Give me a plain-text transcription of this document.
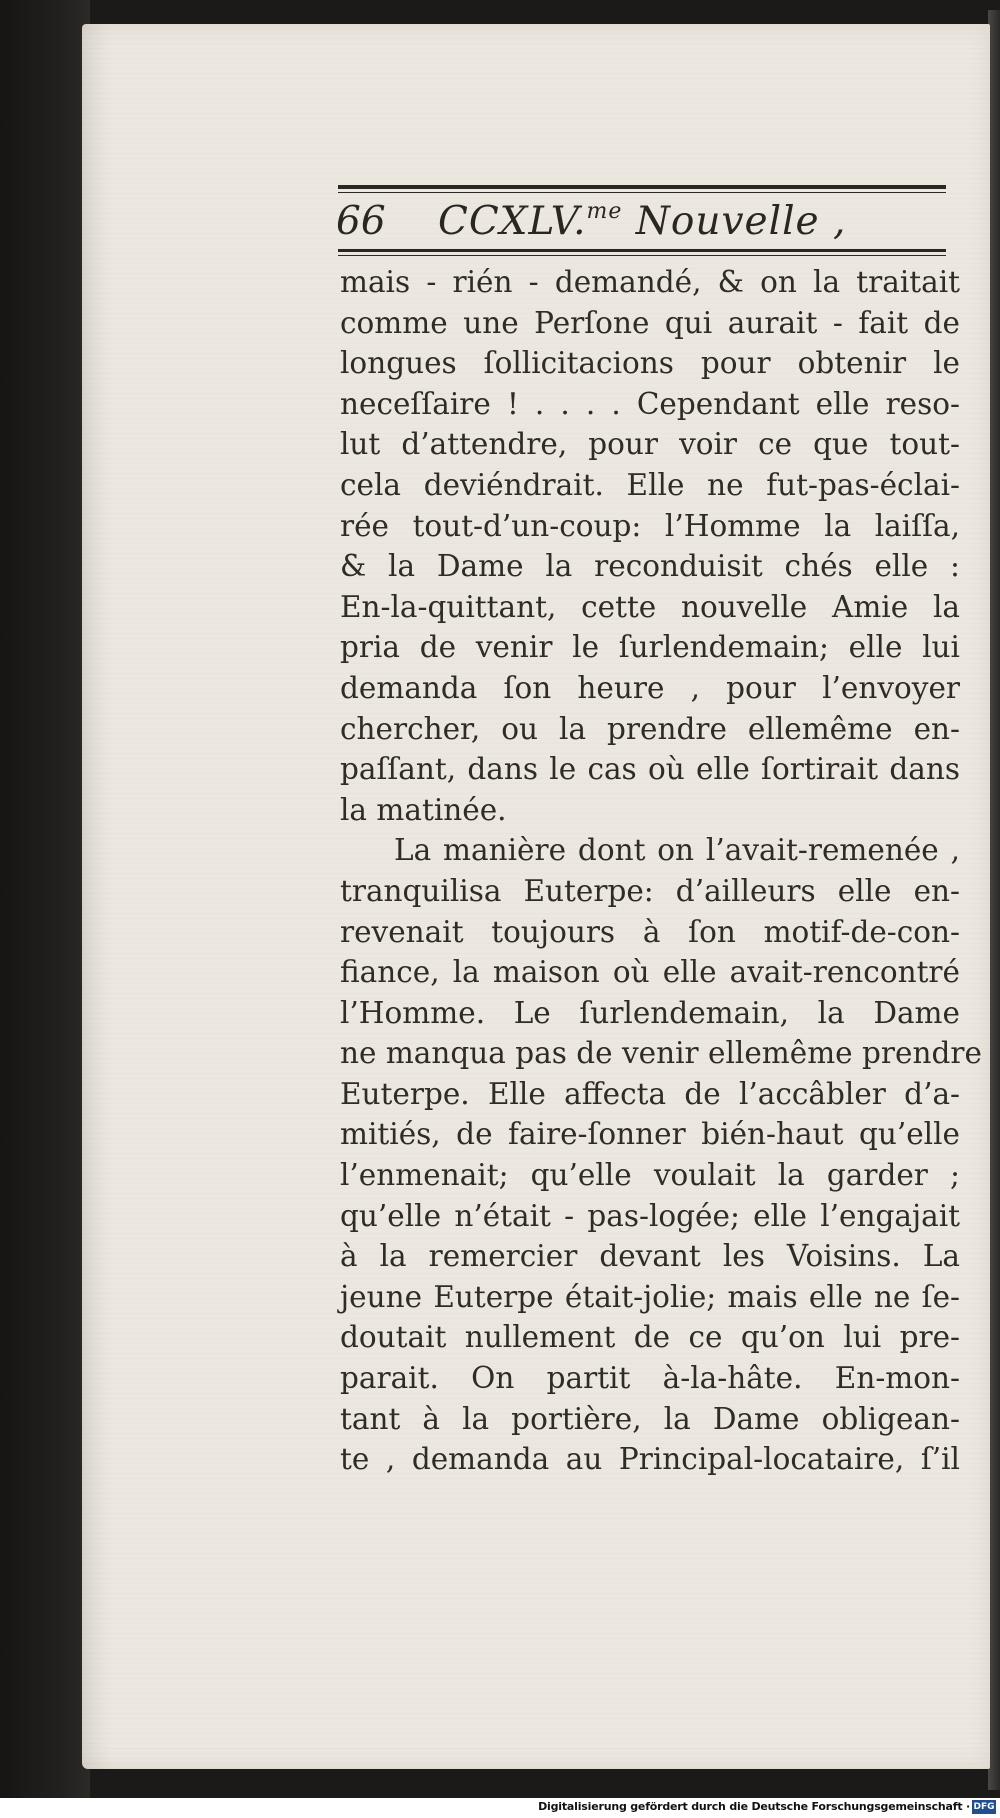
66 CCXLV.$^{me}$ Nouvelle ,
mais - rién - demandé, & on la traitait
comme une Perſone qui aurait - fait de
longues ſollicitacions pour obtenir le
neceſſaire ! . . . . Cependant elle reso-
lut d’attendre, pour voir ce que tout-
cela deviéndrait. Elle ne fut-pas-éclai-
rée tout-d’un-coup: l’Homme la laiſſa,
& la Dame la reconduisit chés elle :
En-la-quittant, cette nouvelle Amie la
pria de venir le ſurlendemain; elle lui
demanda ſon heure , pour l’envoyer
chercher, ou la prendre ellemême en-
paſſant, dans le cas où elle ſortirait dans
la matinée.
La manière dont on l’avait-remenée ,
tranquilisa Euterpe: d’ailleurs elle en-
revenait toujours à ſon motif-de-con-
fiance, la maison où elle avait-rencontré
l’Homme. Le ſurlendemain, la Dame
ne manqua pas de venir ellemême prendre
Euterpe. Elle affecta de l’accâbler d’a-
mitiés, de faire-ſonner bién-haut qu’elle
l’enmenait; qu’elle voulait la garder ;
qu’elle n’était - pas-logée; elle l’engajait
à la remercier devant les Voisins. La
jeune Euterpe était-jolie; mais elle ne ſe-
doutait nullement de ce qu’on lui pre-
parait. On partit à-la-hâte. En-mon-
tant à la portière, la Dame obligean-
te , demanda au Principal-locataire, ſ’il
Digitalisierung gefördert durch die Deutsche Forschungsgemeinschaft · DFG
